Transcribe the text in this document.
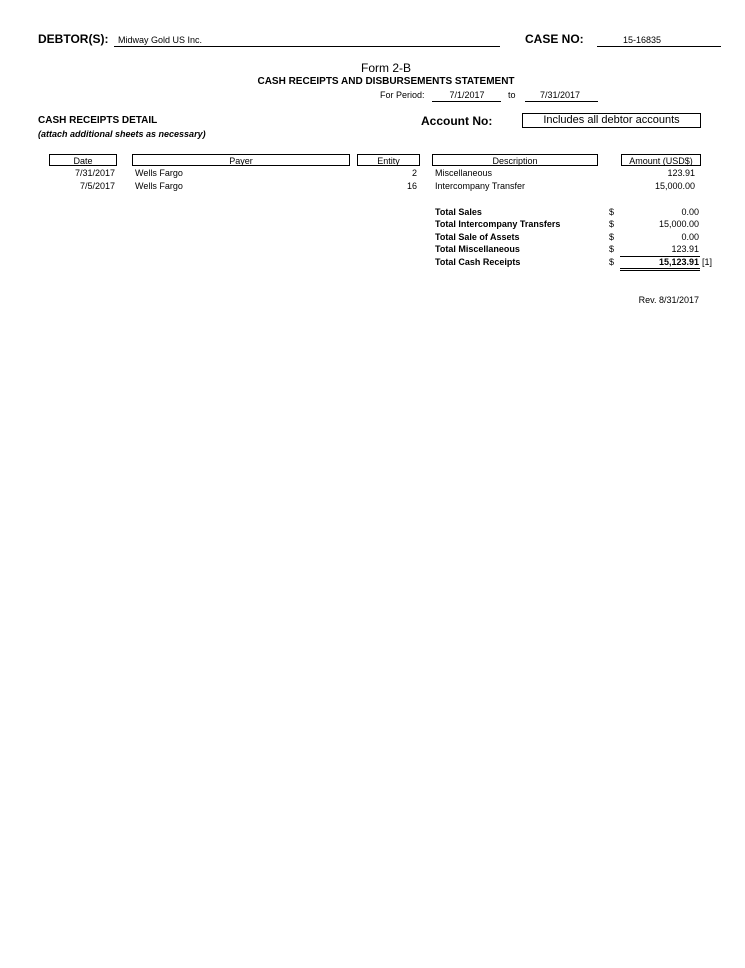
DEBTOR(S): Midway Gold US Inc.	CASE NO:	15-16835
Form 2-B
CASH RECEIPTS AND DISBURSEMENTS STATEMENT
For Period:	7/1/2017	to	7/31/2017
CASH RECEIPTS DETAIL
(attach additional sheets as necessary)
Account No:	Includes all debtor accounts
Date	Payer	Entity	Description	Amount (USD$)
7/31/2017 Wells Fargo	2 Miscellaneous	123.91
7/5/2017 Wells Fargo	16 Intercompany Transfer	15,000.00
Total Sales	$	0.00
Total Intercompany Transfers	$	15,000.00
Total Sale of Assets	$	0.00
Total Miscellaneous	$	123.91
Total Cash Receipts	$	15,123.91 [1]
Rev. 8/31/2017
